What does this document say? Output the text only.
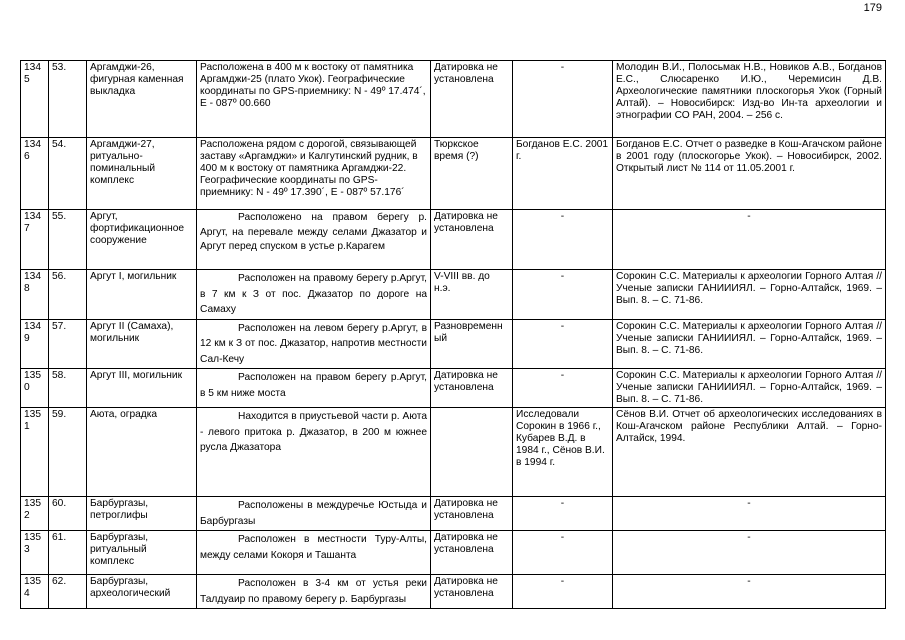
179
1345	53.	Аргамджи-26, фигурная каменная выкладка	Расположена в 400 м к востоку от памятника Аргамджи-25 (плато Укок). Географические координаты по GPS-приемнику: N - 49º 17.474´, E - 087º 00.660	Датировка не установлена	-	Молодин В.И., Полосьмак Н.В., Новиков А.В., Богданов Е.С., Слюсаренко И.Ю., Черемисин Д.В. Археологические памятники плоскогорья Укок (Горный Алтай). – Новосибирск: Изд-во Ин-та археологии и этнографии СО РАН, 2004. – 256 с.
1346	54.	Аргамджи-27, ритуально-поминальный комплекс	Расположена рядом с дорогой, связывающей заставу «Аргамджи» и Калгутинский рудник, в 400 м к востоку от памятника Аргамджи-22. Географические координаты по GPS-приемнику: N - 49º 17.390´, E - 087º 57.176´	Тюркское время (?)	Богданов Е.С. 2001 г.	Богданов Е.С. Отчет о разведке в Кош-Агачском районе в 2001 году (плоскогорье Укок). – Новосибирск, 2002. Открытый лист № 114 от 11.05.2001 г.
1347	55.	Аргут, фортификационное сооружение	Расположено на правом берегу р. Аргут, на перевале между селами Джазатор и Аргут перед спуском в устье р.Карагем	Датировка не установлена	-	-
1348	56.	Аргут I, могильник	Расположен на правому берегу р.Аргут, в 7 км к З от пос. Джазатор по дороге на Самаху	V-VIII вв. до н.э.	-	Сорокин С.С. Материалы к археологии Горного Алтая // Ученые записки ГАНИИИЯЛ. – Горно-Алтайск, 1969. – Вып. 8. – С. 71-86.
1349	57.	Аргут II (Самаха), могильник	Расположен на левом берегу р.Аргут, в 12 км к З от пос. Джазатор, напротив местности Сал-Кечу	Разновременный	-	Сорокин С.С. Материалы к археологии Горного Алтая // Ученые записки ГАНИИИЯЛ. – Горно-Алтайск, 1969. – Вып. 8. – С. 71-86.
1350	58.	Аргут III, могильник	Расположен на правом берегу р.Аргут, в 5 км ниже моста	Датировка не установлена	-	Сорокин С.С. Материалы к археологии Горного Алтая // Ученые записки ГАНИИИЯЛ. – Горно-Алтайск, 1969. – Вып. 8. – С. 71-86.
1351	59.	Аюта, оградка	Находится в приустьевой части р. Аюта - левого притока р. Джазатор, в 200 м южнее русла Джазатора		Исследовали Сорокин в 1966 г., Кубарев В.Д. в 1984 г., Сёнов В.И. в 1994 г.	Сёнов В.И. Отчет об археологических исследованиях в Кош-Агачском районе Республики Алтай. – Горно-Алтайск, 1994.
1352	60.	Барбургазы, петроглифы	Расположены в междуречье Юстыда и Барбургазы	Датировка не установлена	-	-
1353	61.	Барбургазы, ритуальный комплекс	Расположен в местности Туру-Алты, между селами Кокоря и Ташанта	Датировка не установлена	-	-
1354	62.	Барбургазы, археологический	Расположен в 3-4 км от устья реки Талдуаир по правому берегу р. Барбургазы	Датировка не установлена	-	-
